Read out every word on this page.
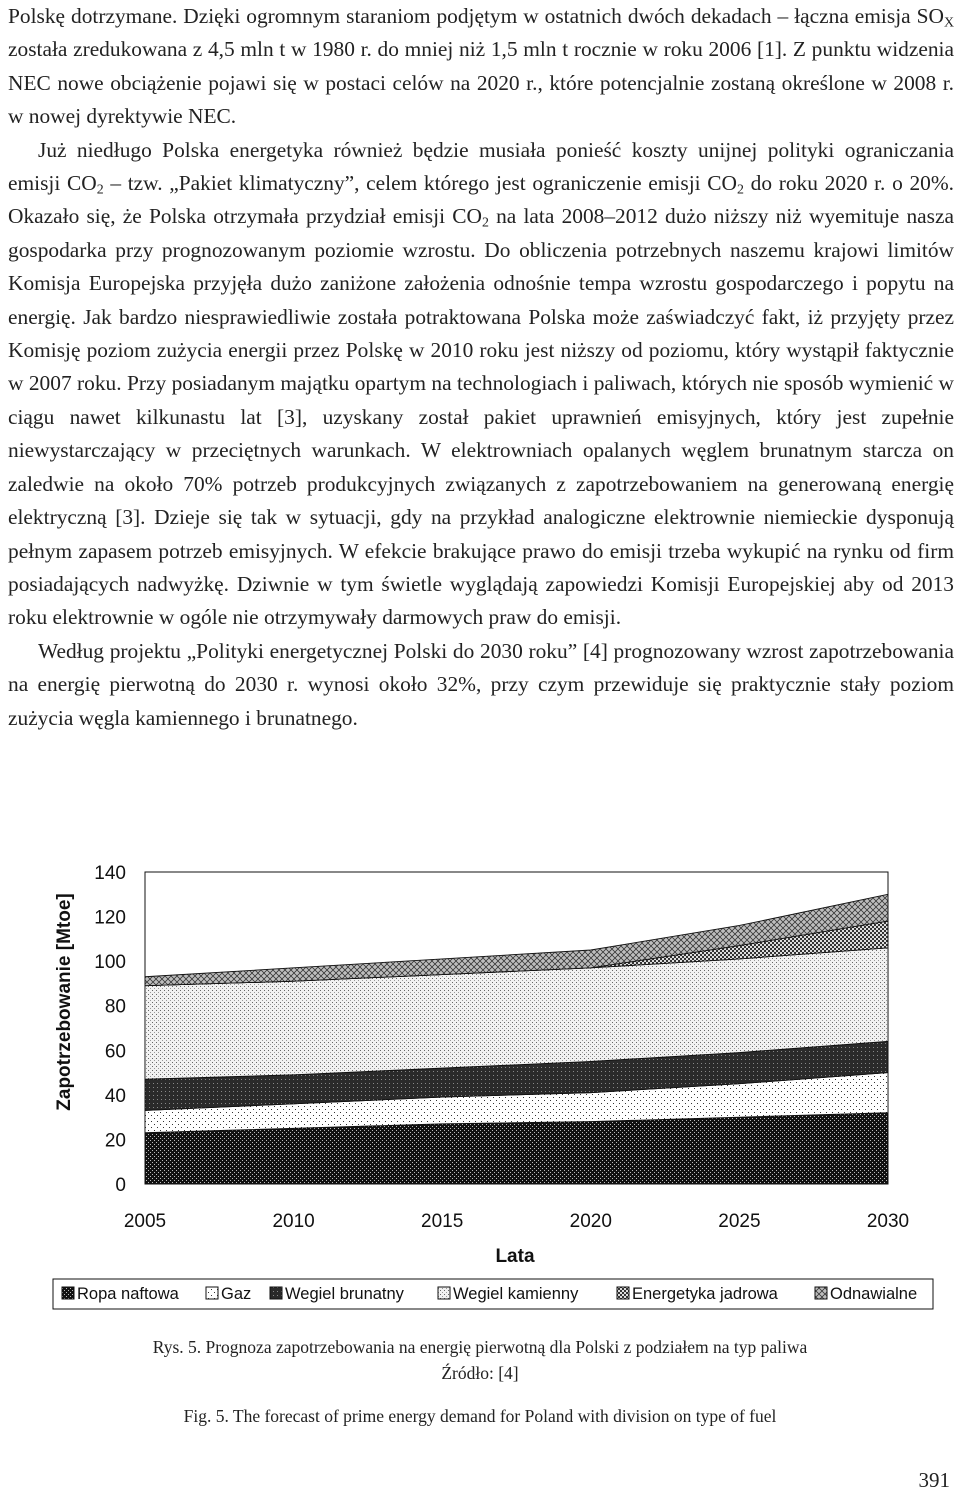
Polskę dotrzymane. Dzięki ogromnym staraniom podjętym w ostatnich dwóch dekadach – łączna emisja $SO_X$ została zredukowana z 4,5 mln t w 1980 r. do mniej niż 1,5 mln t rocznie w roku 2006 [1]. Z punktu widzenia NEC nowe obciążenie pojawi się w postaci celów na 2020 r., które potencjalnie zostaną określone w 2008 r. w nowej dyrektywie NEC.

Już niedługo Polska energetyka również będzie musiała ponieść koszty unijnej polityki ograniczania emisji $CO_2$ – tzw. „Pakiet klimatyczny”, celem którego jest ograniczenie emisji $CO_2$ do roku 2020 r. o 20%. Okazało się, że Polska otrzymała przydział emisji $CO_2$ na lata 2008–2012 dużo niższy niż wyemituje nasza gospodarka przy prognozowanym poziomie wzrostu. Do obliczenia potrzebnych naszemu krajowi limitów Komisja Europejska przyjęła dużo zaniżone założenia odnośnie tempa wzrostu gospodarczego i popytu na energię. Jak bardzo niesprawiedliwie została potraktowana Polska może zaświadczyć fakt, iż przyjęty przez Komisję poziom zużycia energii przez Polskę w 2010 roku jest niższy od poziomu, który wystąpił faktycznie w 2007 roku. Przy posiadanym majątku opartym na technologiach i paliwach, których nie sposób wymienić w ciągu nawet kilkunastu lat [3], uzyskany został pakiet uprawnień emisyjnych, który jest zupełnie niewystarczający w przeciętnych warunkach. W elektrowniach opalanych węglem brunatnym starcza on zaledwie na około 70% potrzeb produkcyjnych związanych z zapotrzebowaniem na generowaną energię elektryczną [3]. Dzieje się tak w sytuacji, gdy na przykład analogiczne elektrownie niemieckie dysponują pełnym zapasem potrzeb emisyjnych. W efekcie brakujące prawo do emisji trzeba wykupić na rynku od firm posiadających nadwyżkę. Dziwnie w tym świetle wyglądają zapowiedzi Komisji Europejskiej aby od 2013 roku elektrownie w ogóle nie otrzymywały darmowych praw do emisji.

Według projektu „Polityki energetycznej Polski do 2030 roku” [4] prognozowany wzrost zapotrzebowania na energię pierwotną do 2030 r. wynosi około 32%, przy czym przewiduje się praktycznie stały poziom zużycia węgla kamiennego i brunatnego.

0
20
40
60
80
100
120
140
2005	2010	2015	2020	2025	2030
Zapotrzebowanie [Mtoe]
Lata
Ropa naftowa	Gaz Wegiel brunatny	Wegiel kamienny	Energetyka jadrowa	Odnawialne
Rys. 5. Prognoza zapotrzebowania na energię pierwotną dla Polski z podziałem na typ paliwa
Źródło: [4]
Fig. 5. The forecast of prime energy demand for Poland with division on type of fuel
391
